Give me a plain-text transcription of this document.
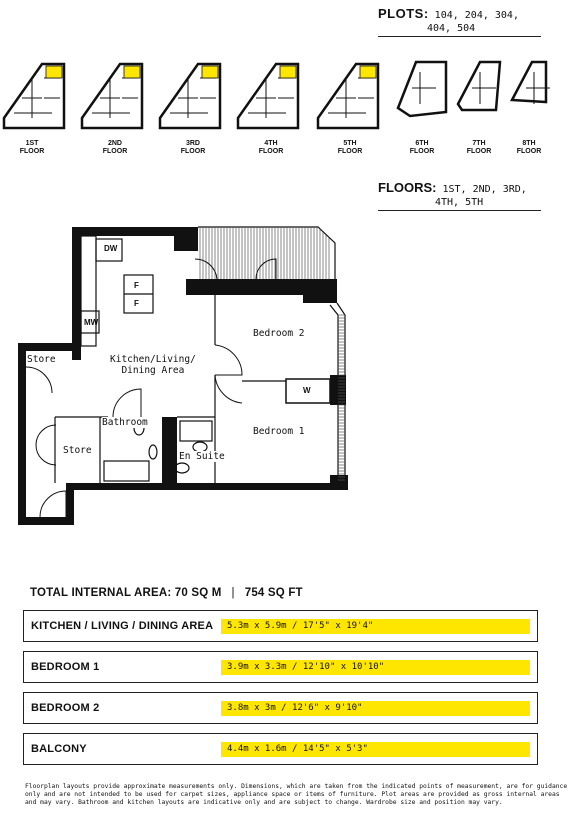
PLOTS: 104, 204, 304,
404, 504
1ST
FLOOR
2ND
FLOOR
3RD
FLOOR
4TH
FLOOR
5TH
FLOOR
6TH
FLOOR
7TH
FLOOR
8TH
FLOOR
FLOORS: 1ST, 2ND, 3RD,
4TH, 5TH
Kitchen/Living/
Dining Area
Bedroom 2
Bedroom 1
Store
Store
Bathroom
En Suite
DW
F
F
MW
W
TOTAL INTERNAL AREA: 70 SQ M | 754 SQ FT
KITCHEN / LIVING / DINING AREA	5.3m x 5.9m / 17'5" x 19'4"
BEDROOM 1	3.9m x 3.3m / 12'10" x 10'10"
BEDROOM 2	3.8m x 3m / 12'6" x 9'10"
BALCONY	4.4m x 1.6m / 14'5" x 5'3"
Floorplan layouts provide approximate measurements only. Dimensions, which are taken from the indicated points of measurement, are for guidance only and are not intended to be used for carpet sizes, appliance space or items of furniture. Plot areas are provided as gross internal areas and may vary. Bathroom and kitchen layouts are indicative only and are subject to change. Wardrobe size and position may vary.
